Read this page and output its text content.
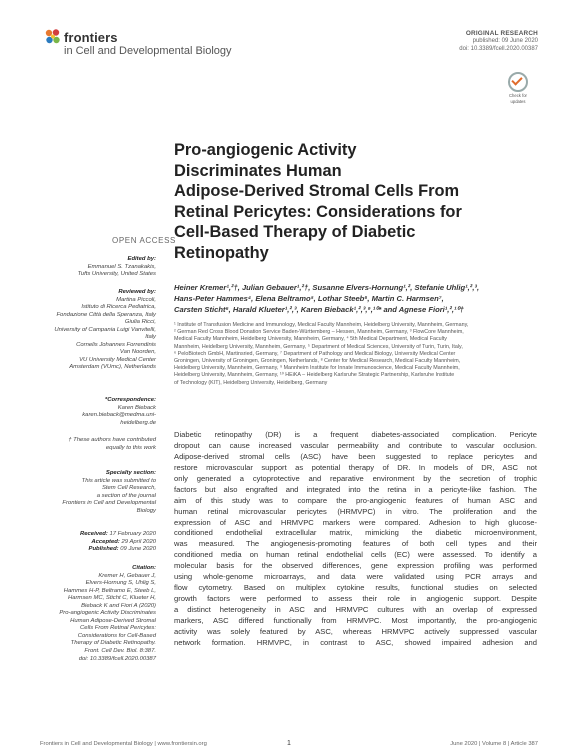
frontiers
in Cell and Developmental Biology
ORIGINAL RESEARCH
published: 09 June 2020
doi: 10.3389/fcell.2020.00387
Check for
updates
Pro-angiogenic Activity
Discriminates Human
Adipose-Derived Stromal Cells From
Retinal Pericytes: Considerations for
Cell-Based Therapy of Diabetic
Retinopathy
Heiner Kremer¹,²†, Julian Gebauer¹,²†, Susanne Elvers-Hornung¹,², Stefanie Uhlig¹,²,³,
Hans-Peter Hammes⁴, Elena Beltramo⁵, Lothar Steeb⁶, Martin C. Harmsen⁷,
Carsten Sticht⁸, Harald Klueter¹,²,³, Karen Bieback¹,²,³,⁹,¹⁰* and Agnese Fiori¹,²,¹⁰†
¹ Institute of Transfusion Medicine and Immunology, Medical Faculty Mannheim, Heidelberg University, Mannheim, Germany,
² German Red Cross Blood Donation Service Baden-Württemberg – Hessen, Mannheim, Germany, ³ FlowCore Mannheim,
Medical Faculty Mannheim, Heidelberg University, Mannheim, Germany, ⁴ 5th Medical Department, Medical Faculty
Mannheim, Heidelberg University, Mannheim, Germany, ⁵ Department of Medical Sciences, University of Turin, Turin, Italy,
⁶ PeloBiotech GmbH, Martinsried, Germany, ⁷ Department of Pathology and Medical Biology, University Medical Center
Groningen, University of Groningen, Groningen, Netherlands, ⁸ Center for Medical Research, Medical Faculty Mannheim,
Heidelberg University, Mannheim, Germany, ⁹ Mannheim Institute for Innate Immunoscience, Medical Faculty Mannheim,
Heidelberg University, Mannheim, Germany, ¹⁰ HEiKA – Heidelberg Karlsruhe Strategic Partnership, Karlsruhe Institute
of Technology (KIT), Heidelberg University, Heidelberg, Germany
OPEN ACCESS
Edited by:
Emmanuel S. Tzanakakis,
Tufts University, United States
Reviewed by:
Martina Piccoli,
Istituto di Ricerca Pediatrica,
Fondazione Città della Speranza, Italy
Giulia Ricci,
University of Campania Luigi Vanvitelli,
Italy
Cornelis Johannes Forrendinis
Van Noorden,
VU University Medical Center
Amsterdam (VUmc), Netherlands
*Correspondence:
Karen Bieback
karen.bieback@medma.uni-
heidelberg.de
† These authors have contributed
equally to this work
Specialty section:
This article was submitted to
Stem Cell Research,
a section of the journal
Frontiers in Cell and Developmental
Biology
Received: 17 February 2020
Accepted: 29 April 2020
Published: 09 June 2020
Citation:
Kremer H, Gebauer J,
Elvers-Hornung S, Uhlig S,
Hammes H-P, Beltramo E, Steeb L,
Harmsen MC, Sticht C, Klueter H,
Bieback K and Fiori A (2020)
Pro-angiogenic Activity Discriminates
Human Adipose-Derived Stromal
Cells From Retinal Pericytes:
Considerations for Cell-Based
Therapy of Diabetic Retinopathy.
Front. Cell Dev. Biol. 8:387.
doi: 10.3389/fcell.2020.00387
Diabetic retinopathy (DR) is a frequent diabetes-associated complication. Pericyte
dropout can cause increased vascular permeability and contribute to vascular occlusion.
Adipose-derived stromal cells (ASC) have been suggested to replace pericytes and
restore microvascular support as potential therapy of DR. In models of DR, ASC not
only generated a cytoprotective and reparative environment by the secretion of trophic
factors but also engrafted and integrated into the retina in a pericyte-like fashion. The
aim of this study was to compare the pro-angiogenic features of human ASC and
human retinal microvascular pericytes (HRMVPC) in vitro. The proliferation and the
expression of ASC and HRMVPC markers were compared. Adhesion to high glucose-
conditioned endothelial extracellular matrix, mimicking the diabetic microenvironment,
was measured. The angiogenesis-promoting features of both cell types and their
conditioned media on human retinal endothelial cells (EC) were assessed. To identify a
molecular basis for the observed differences, gene expression profiling was performed
using whole-genome microarrays, and data were validated using PCR arrays and
flow cytometry. Based on multiplex cytokine results, functional studies on selected
growth factors were performed to assess their role in angiogenic support. Despite
a distinct heterogeneity in ASC and HRMVPC cultures with an overlap of expressed
markers, ASC differed functionally from HRMVPC. Most importantly, the pro-angiogenic
activity was solely featured by ASC, whereas HRMVPC actively suppressed vascular
network formation. HRMVPC, in contrast to ASC, showed impaired adhesion and
Frontiers in Cell and Developmental Biology | www.frontiersin.org	1	June 2020 | Volume 8 | Article 387
